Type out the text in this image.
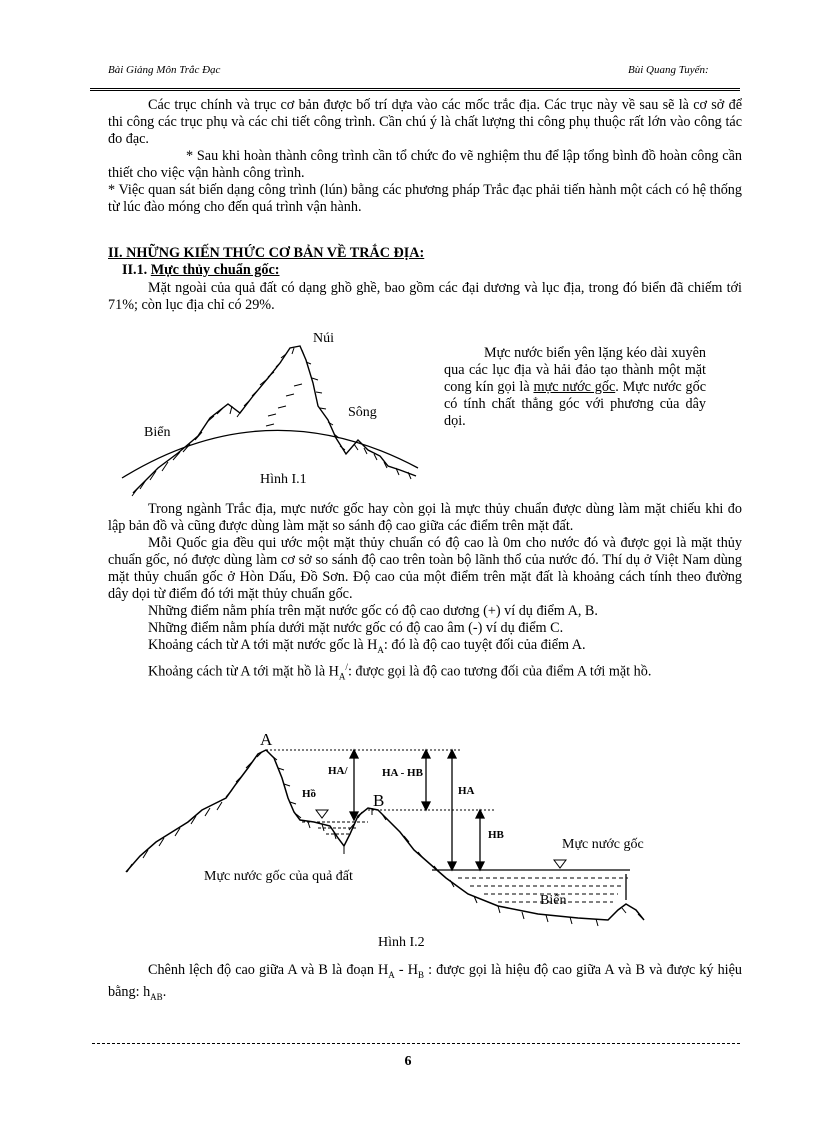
Bài Giảng Môn Trắc Đạc	Bùi Quang Tuyến:

Các trục chính và trục cơ bản được bố trí dựa vào các mốc trắc địa. Các trục này về sau sẽ là cơ sở để thi công các trục phụ và các chi tiết công trình. Cần chú ý là chất lượng thi công phụ thuộc rất lớn vào công tác đo đạc.

* Sau khi hoàn thành công trình cần tổ chức đo vẽ nghiệm thu để lập tổng bình đồ hoàn công cần thiết cho việc vận hành công trình.

* Việc quan sát biến dạng công trình (lún) bằng các phương pháp Trắc đạc phải tiến hành một cách có hệ thống từ lúc đào móng cho đến quá trình vận hành.

II. NHỮNG KIẾN THỨC CƠ BẢN VỀ TRẮC ĐỊA:
II.1. Mực thủy chuẩn gốc:

Mặt ngoài của quả đất có dạng ghồ ghề, bao gồm các đại dương và lục địa, trong đó biển đã chiếm tới 71%; còn lục địa chỉ có 29%.

Núi
Biển
Sông
Hình I.1
Mực nước biển yên lặng kéo dài xuyên qua các lục địa và hải đảo tạo thành một mặt cong kín gọi là mực nước gốc. Mực nước gốc có tính chất thẳng góc với phương của dây dọi.

Trong ngành Trắc địa, mực nước gốc hay còn gọi là mực thủy chuẩn được dùng làm mặt chiếu khi đo lập bản đồ và cũng được dùng làm mặt so sánh độ cao giữa các điểm trên mặt đất.

Mỗi Quốc gia đều qui ước một mặt thủy chuẩn có độ cao là 0m cho nước đó và được gọi là mặt thủy chuẩn gốc, nó được dùng làm cơ sở so sánh độ cao trên toàn bộ lãnh thổ của nước đó. Thí dụ ở Việt Nam dùng mặt thủy chuẩn gốc ở Hòn Dấu, Đồ Sơn. Độ cao của một điểm trên mặt đất là khoảng cách tính theo đường dây dọi từ điểm đó tới mặt thủy chuẩn gốc.

Những điểm nằm phía trên mặt nước gốc có độ cao dương (+) ví dụ điểm A, B.

Những điểm nằm phía dưới mặt nước gốc có độ cao âm (-) ví dụ điểm C.

Khoảng cách từ A tới mặt nước gốc là $H_A$: đó là độ cao tuyệt đối của điểm A.

Khoảng cách từ A tới mặt hồ là $H_A^/$: được gọi là độ cao tương đối của điểm A tới mặt hồ.

A
B
Hồ
HA/	HA - HB
HA
HB
Mực nước gốc
Mực nước gốc của quả đất
Biển
Hình I.2

Chênh lệch độ cao giữa A và B là đoạn $H_A - H_B$ : được gọi là hiệu độ cao giữa A và B và được ký hiệu bằng: $h_{AB}$.

6
